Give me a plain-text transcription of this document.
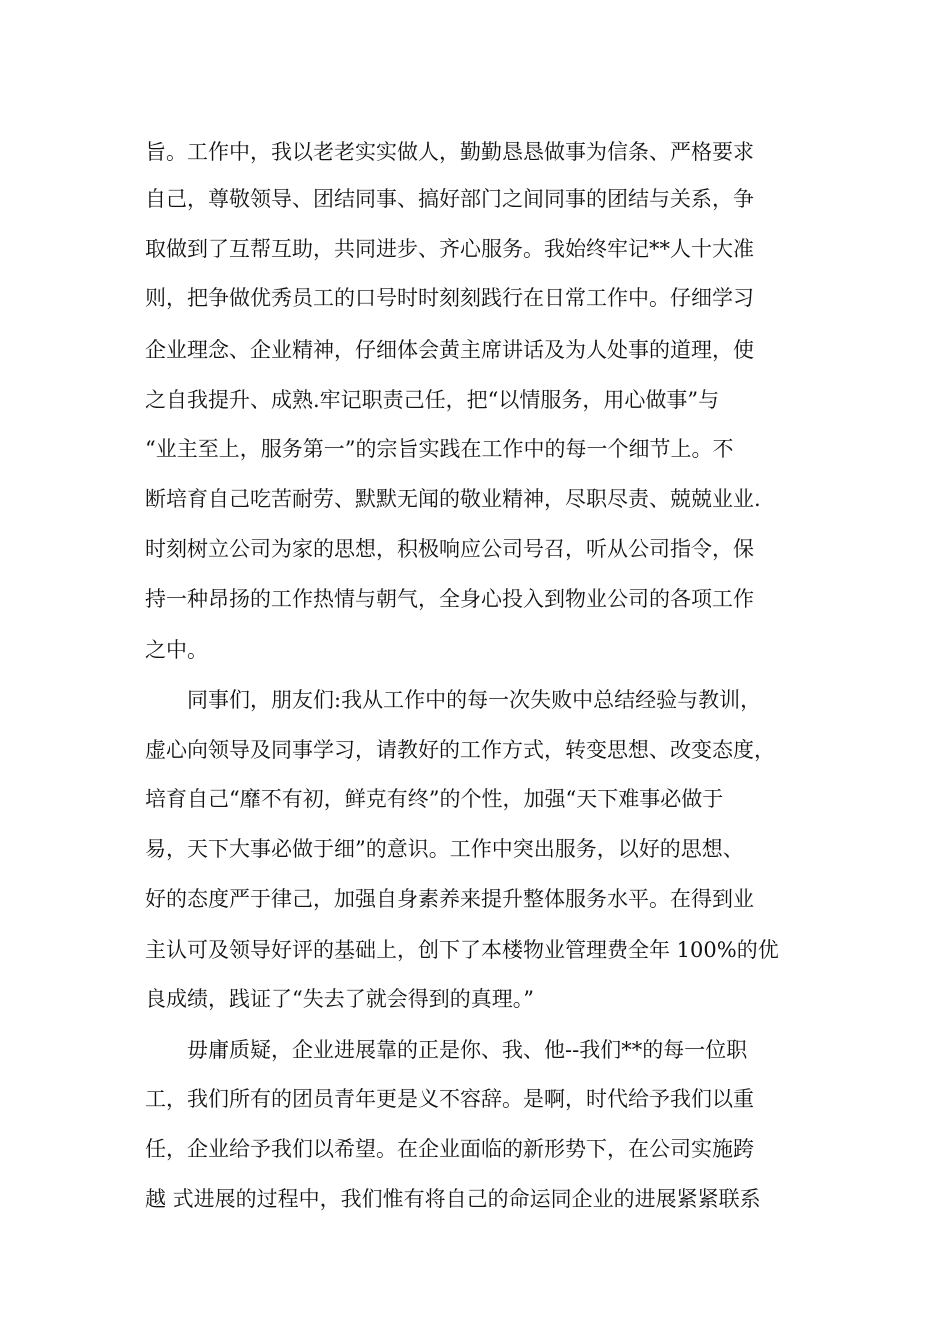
旨。工作中，我以老老实实做人，勤勤恳恳做事为信条、严格要求

自己，尊敬领导、团结同事、搞好部门之间同事的团结与关系，争

取做到了互帮互助，共同进步、齐心服务。我始终牢记**人十大准

则，把争做优秀员工的口号时时刻刻践行在日常工作中。仔细学习

企业理念、企业精神，仔细体会黄主席讲话及为人处事的道理，使

之自我提升、成熟.牢记职责己任，把“以情服务，用心做事”与

“业主至上，服务第一”的宗旨实践在工作中的每一个细节上。不

断培育自己吃苦耐劳、默默无闻的敬业精神，尽职尽责、兢兢业业.

时刻树立公司为家的思想，积极响应公司号召，听从公司指令，保

持一种昂扬的工作热情与朝气，全身心投入到物业公司的各项工作

之中。

同事们，朋友们:我从工作中的每一次失败中总结经验与教训，

虚心向领导及同事学习，请教好的工作方式，转变思想、改变态度，

培育自己“靡不有初，鲜克有终”的个性，加强“天下难事必做于

易，天下大事必做于细”的意识。工作中突出服务，以好的思想、

好的态度严于律己，加强自身素养来提升整体服务水平。在得到业

主认可及领导好评的基础上，创下了本楼物业管理费全年 100%的优

良成绩，践证了“失去了就会得到的真理。”

毋庸质疑，企业进展靠的正是你、我、他--我们**的每一位职

工，我们所有的团员青年更是义不容辞。是啊，时代给予我们以重

任，企业给予我们以希望。在企业面临的新形势下，在公司实施跨

越 式进展的过程中，我们惟有将自己的命运同企业的进展紧紧联系
